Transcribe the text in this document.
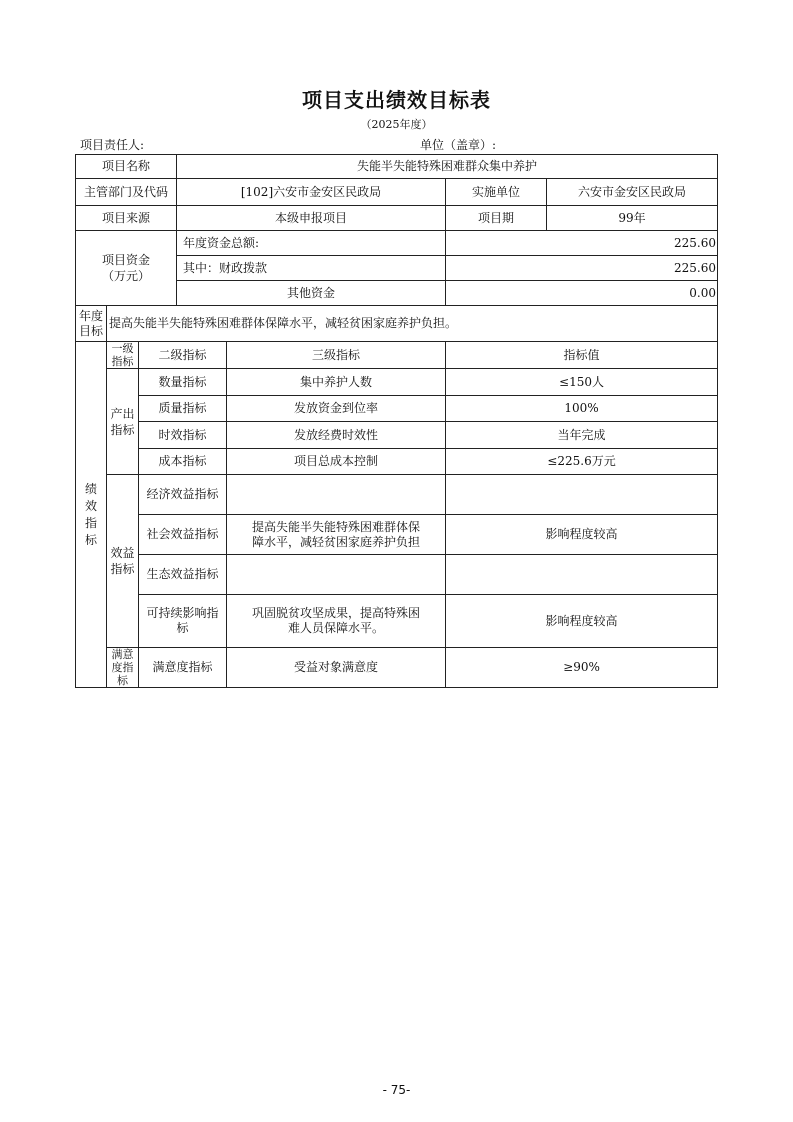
项目支出绩效目标表
（2025年度）
项目责任人:	单位（盖章）:
项目名称			失能半失能特殊困难群众集中养护			
主管部门及代码			[102]六安市金安区民政局		实施单位	六安市金安区民政局
项目来源			本级申报项目		项目期	99年

项目资金（万元）			年度资金总额:		225.60	
			其中：财政拨款		225.60	
			其他资金		0.00	

年度目标	提高失能半失能特殊困难群体保障水平，减轻贫困家庭养护负担。					

绩效指标	一级指标	二级指标		三级指标	指标值	

	产出指标	数量指标		集中养护人数	≤150人	
		质量指标		发放资金到位率	100%	
		时效指标		发放经费时效性	当年完成	
		成本指标		项目总成本控制	≤225.6万元	

	效益指标	经济效益指标				
		社会效益指标		提高失能半失能特殊困难群体保障水平，减轻贫困家庭养护负担	影响程度较高	
		生态效益指标				
		可持续影响指标		巩固脱贫攻坚成果，提高特殊困难人员保障水平。	影响程度较高	

	满意度指标	满意度指标		受益对象满意度	≥90%	
- 75-
